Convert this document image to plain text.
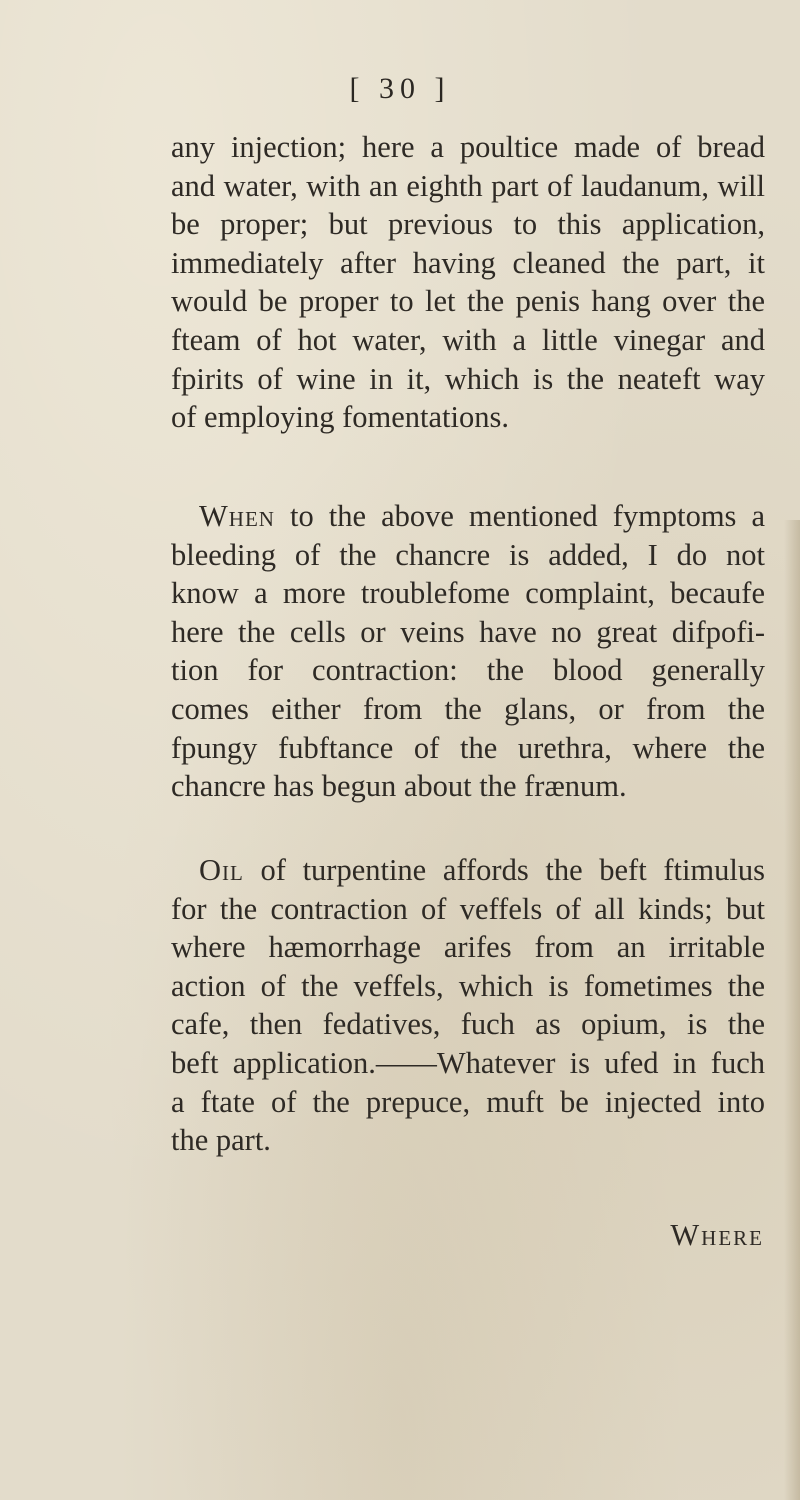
[ 30 ]
any injection; here a poultice made of bread
and water, with an eighth part of laudanum, will
be proper; but previous to this application,
immediately after having cleaned the part, it
would be proper to let the penis hang over the
fteam of hot water, with a little vinegar and
fpirits of wine in it, which is the neateft way
of employing fomentations.
When to the above mentioned fymptoms a
bleeding of the chancre is added, I do not
know a more troublefome complaint, becaufe
here the cells or veins have no great difpofi-
tion for contraction: the blood generally
comes either from the glans, or from the
fpungy fubftance of the urethra, where the
chancre has begun about the frænum.
Oil of turpentine affords the beft ftimulus
for the contraction of veffels of all kinds; but
where hæmorrhage arifes from an irritable
action of the veffels, which is fometimes the
cafe, then fedatives, fuch as opium, is the
beft application.——Whatever is ufed in fuch
a ftate of the prepuce, muft be injected into
the part.
Where
